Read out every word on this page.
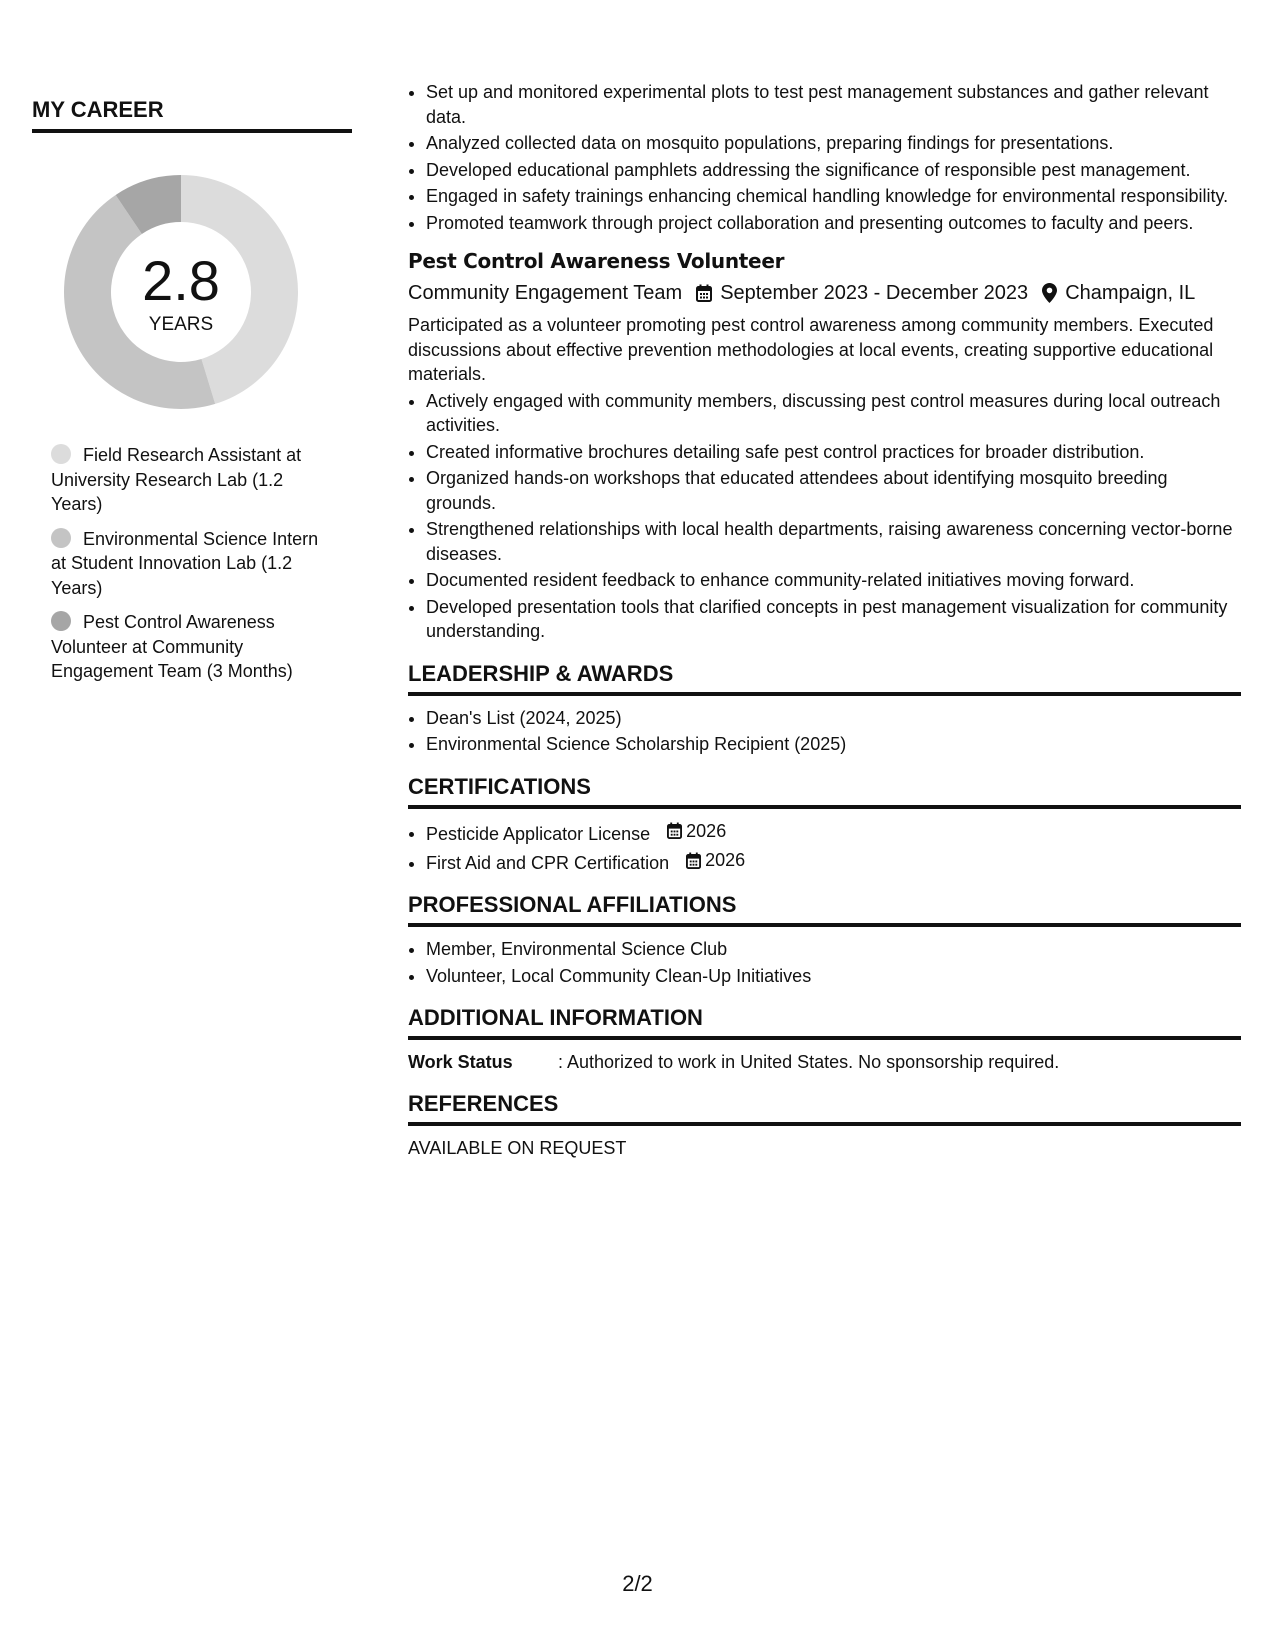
MY CAREER
2.8
YEARS
Field Research Assistant at University Research Lab (1.2 Years)
Environmental Science Intern at Student Innovation Lab (1.2 Years)
Pest Control Awareness Volunteer at Community Engagement Team (3 Months)
• Set up and monitored experimental plots to test pest management substances and gather relevant data.
• Analyzed collected data on mosquito populations, preparing findings for presentations.
• Developed educational pamphlets addressing the significance of responsible pest management.
• Engaged in safety trainings enhancing chemical handling knowledge for environmental responsibility.
• Promoted teamwork through project collaboration and presenting outcomes to faculty and peers.
Pest Control Awareness Volunteer
Community Engagement Team September 2023 - December 2023 Champaign, IL

Participated as a volunteer promoting pest control awareness among community members. Executed discussions about effective prevention methodologies at local events, creating supportive educational materials.

• Actively engaged with community members, discussing pest control measures during local outreach activities.
• Created informative brochures detailing safe pest control practices for broader distribution.
• Organized hands-on workshops that educated attendees about identifying mosquito breeding grounds.
• Strengthened relationships with local health departments, raising awareness concerning vector-borne diseases.
• Documented resident feedback to enhance community-related initiatives moving forward.
• Developed presentation tools that clarified concepts in pest management visualization for community understanding.
LEADERSHIP & AWARDS
• Dean's List (2024, 2025)
• Environmental Science Scholarship Recipient (2025)
CERTIFICATIONS
• Pesticide Applicator License 2026
• First Aid and CPR Certification 2026
PROFESSIONAL AFFILIATIONS
• Member, Environmental Science Club
• Volunteer, Local Community Clean-Up Initiatives
ADDITIONAL INFORMATION
Work Status	: Authorized to work in United States. No sponsorship required.
REFERENCES
AVAILABLE ON REQUEST
2/2
